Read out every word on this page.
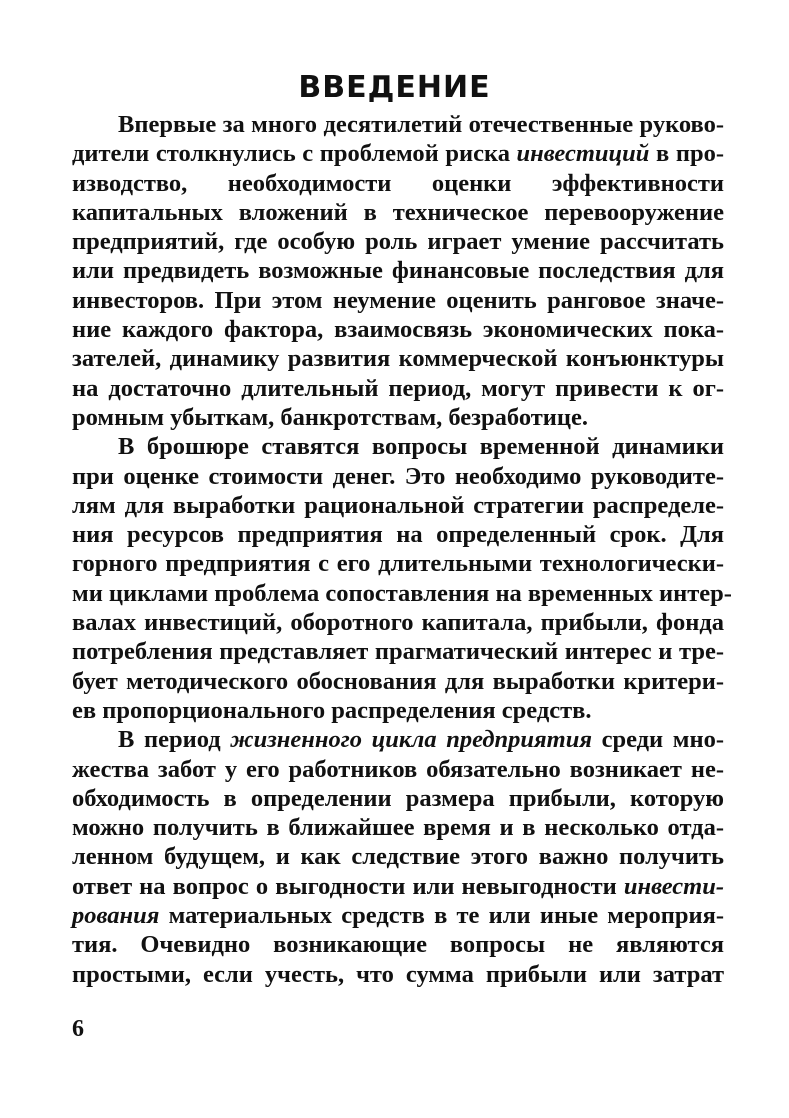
ВВЕДЕНИЕ
Впервые за много десятилетий отечественные руково-
дители столкнулись с проблемой риска инвестиций в про-
изводство, необходимости оценки эффективности
капитальных вложений в техническое перевооружение
предприятий, где особую роль играет умение рассчитать
или предвидеть возможные финансовые последствия для
инвесторов. При этом неумение оценить ранговое значе-
ние каждого фактора, взаимосвязь экономических пока-
зателей, динамику развития коммерческой конъюнктуры
на достаточно длительный период, могут привести к ог-
ромным убыткам, банкротствам, безработице.
В брошюре ставятся вопросы временной динамики
при оценке стоимости денег. Это необходимо руководите-
лям для выработки рациональной стратегии распределе-
ния ресурсов предприятия на определенный срок. Для
горного предприятия с его длительными технологически-
ми циклами проблема сопоставления на временных интер-
валах инвестиций, оборотного капитала, прибыли, фонда
потребления представляет прагматический интерес и тре-
бует методического обоснования для выработки критери-
ев пропорционального распределения средств.
В период жизненного цикла предприятия среди мно-
жества забот у его работников обязательно возникает не-
обходимость в определении размера прибыли, которую
можно получить в ближайшее время и в несколько отда-
ленном будущем, и как следствие этого важно получить
ответ на вопрос о выгодности или невыгодности инвести-
рования материальных средств в те или иные мероприя-
тия. Очевидно возникающие вопросы не являются
простыми, если учесть, что сумма прибыли или затрат
6
